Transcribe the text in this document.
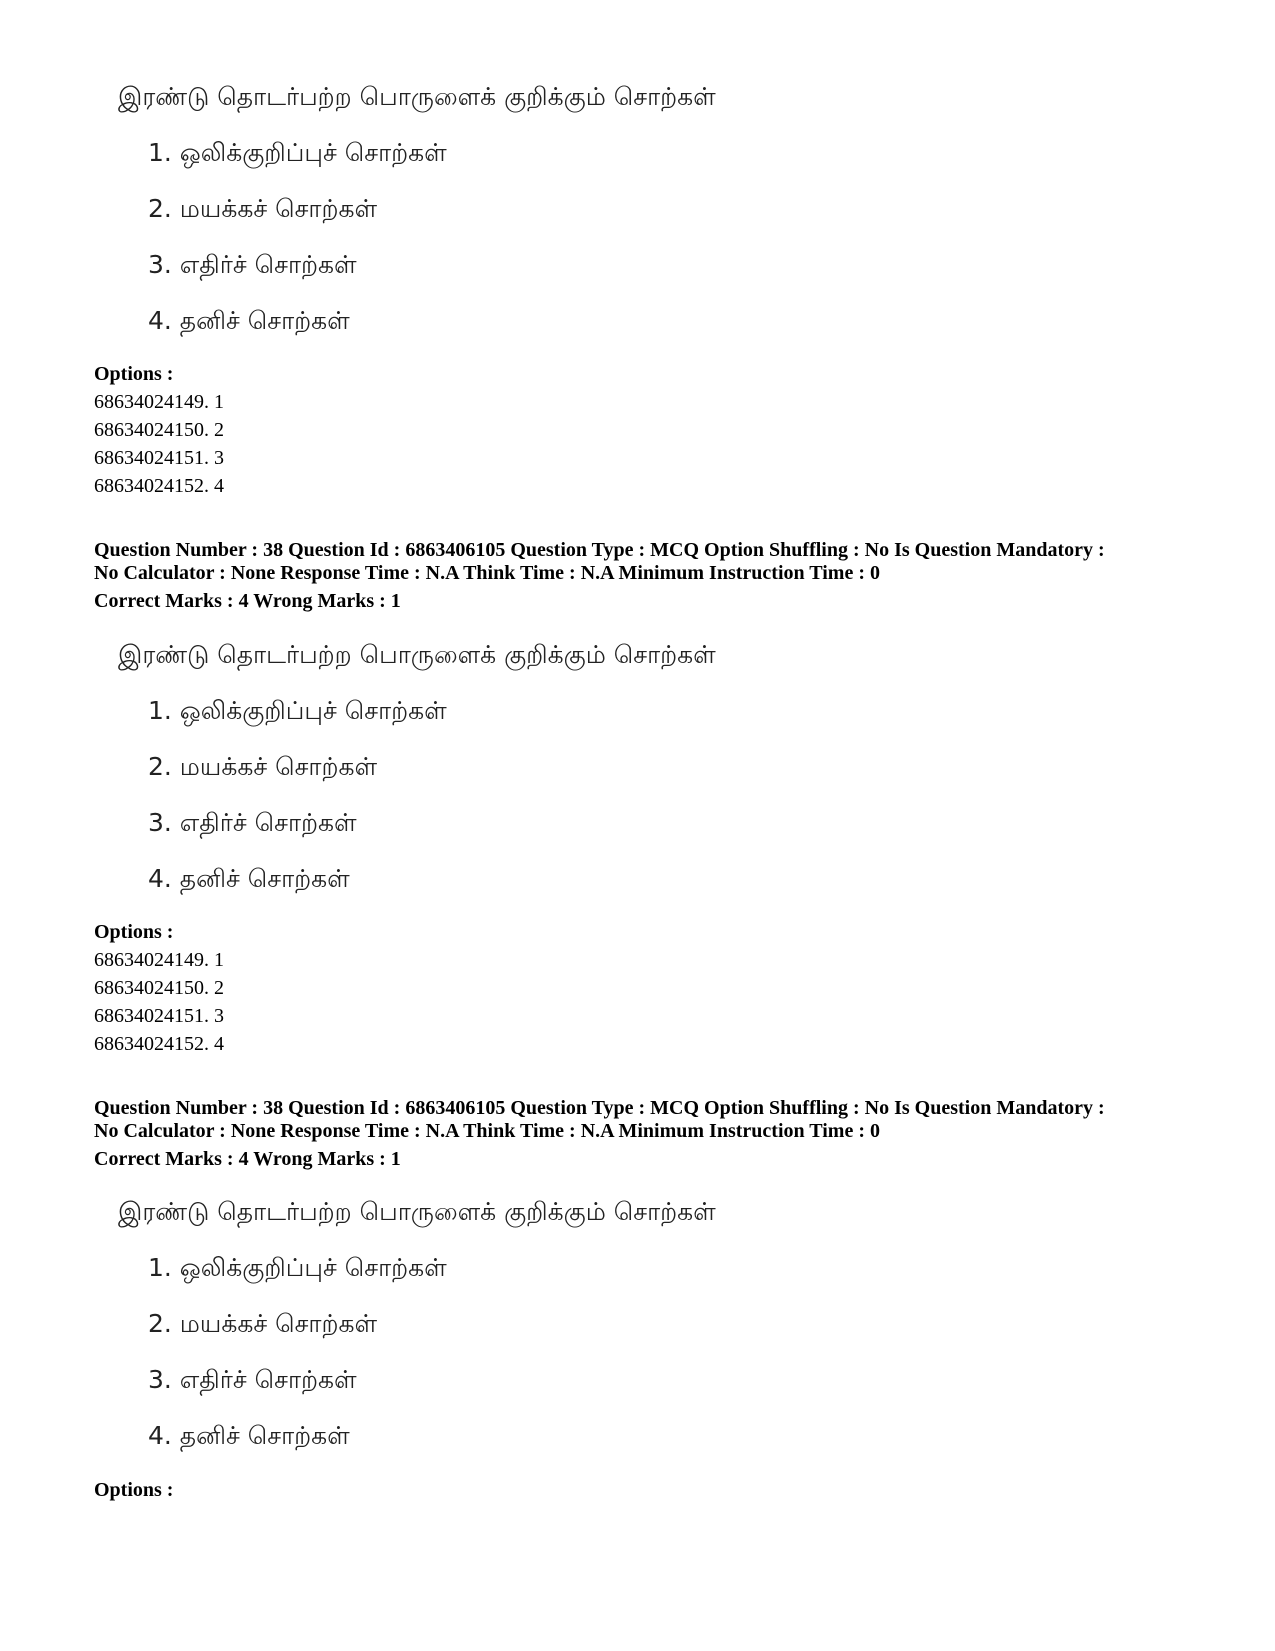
இரண்டு தொடர்பற்ற பொருளைக் குறிக்கும் சொற்கள்
1. ஒலிக்குறிப்புச் சொற்கள்
2. மயக்கச் சொற்கள்
3. எதிர்ச் சொற்கள்
4. தனிச் சொற்கள்
Options :
68634024149. 1
68634024150. 2
68634024151. 3
68634024152. 4
Question Number : 38 Question Id : 6863406105 Question Type : MCQ Option Shuffling : No Is Question Mandatory :
No Calculator : None Response Time : N.A Think Time : N.A Minimum Instruction Time : 0
Correct Marks : 4 Wrong Marks : 1
இரண்டு தொடர்பற்ற பொருளைக் குறிக்கும் சொற்கள்
1. ஒலிக்குறிப்புச் சொற்கள்
2. மயக்கச் சொற்கள்
3. எதிர்ச் சொற்கள்
4. தனிச் சொற்கள்
Options :
68634024149. 1
68634024150. 2
68634024151. 3
68634024152. 4
Question Number : 38 Question Id : 6863406105 Question Type : MCQ Option Shuffling : No Is Question Mandatory :
No Calculator : None Response Time : N.A Think Time : N.A Minimum Instruction Time : 0
Correct Marks : 4 Wrong Marks : 1
இரண்டு தொடர்பற்ற பொருளைக் குறிக்கும் சொற்கள்
1. ஒலிக்குறிப்புச் சொற்கள்
2. மயக்கச் சொற்கள்
3. எதிர்ச் சொற்கள்
4. தனிச் சொற்கள்
Options :
